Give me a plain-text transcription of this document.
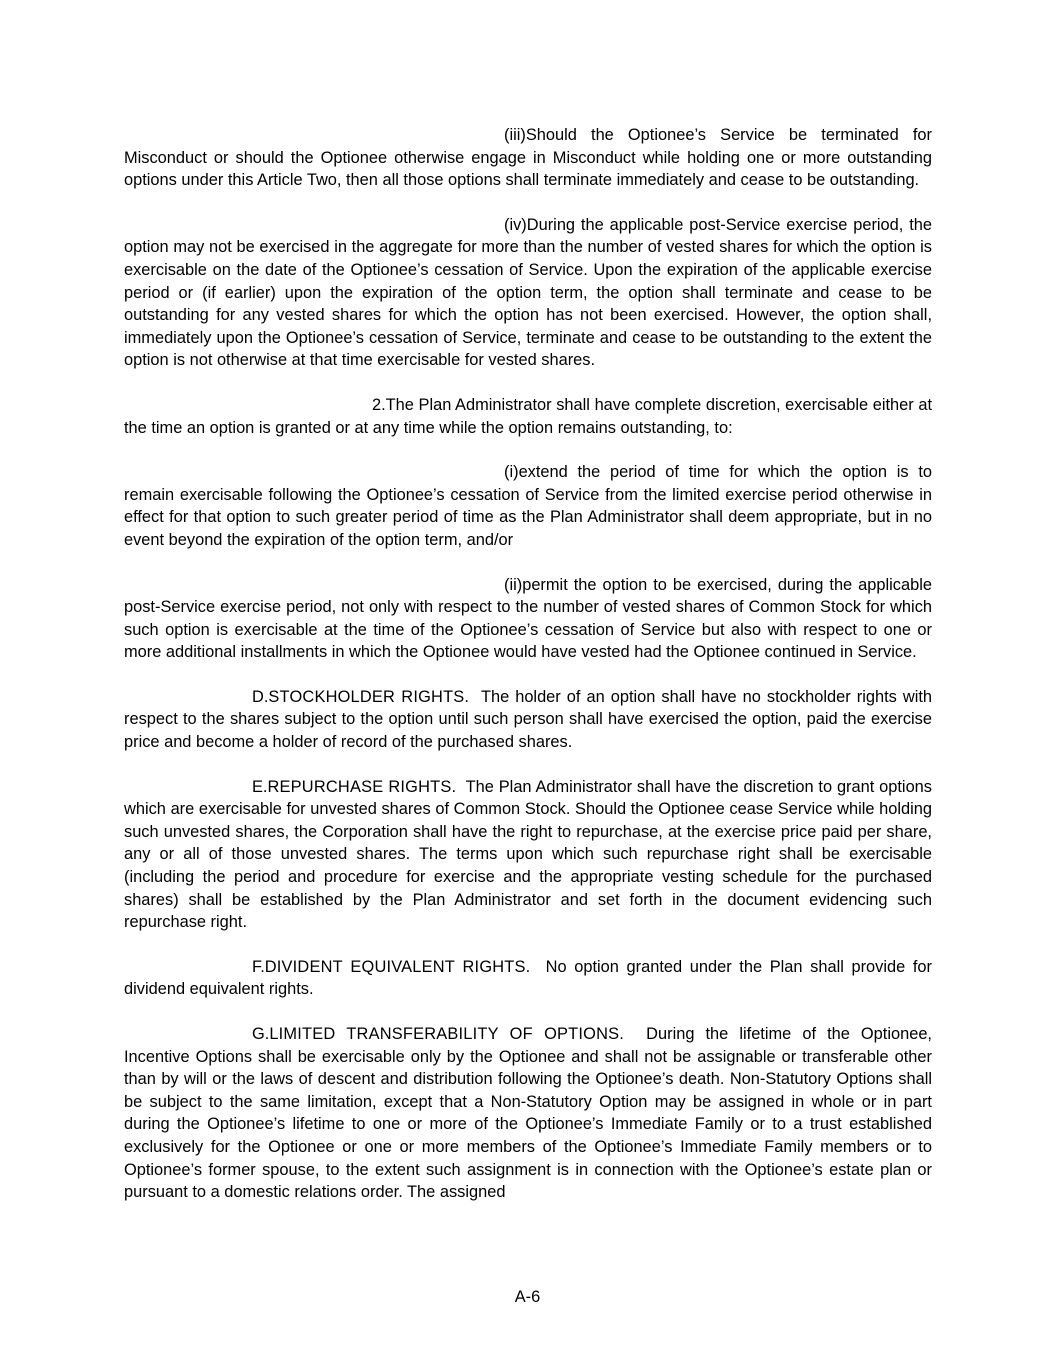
(iii)Should the Optionee’s Service be terminated for Misconduct or should the Optionee otherwise engage in Misconduct while holding one or more outstanding options under this Article Two, then all those options shall terminate immediately and cease to be outstanding.

(iv)During the applicable post-Service exercise period, the option may not be exercised in the aggregate for more than the number of vested shares for which the option is exercisable on the date of the Optionee’s cessation of Service. Upon the expiration of the applicable exercise period or (if earlier) upon the expiration of the option term, the option shall terminate and cease to be outstanding for any vested shares for which the option has not been exercised. However, the option shall, immediately upon the Optionee’s cessation of Service, terminate and cease to be outstanding to the extent the option is not otherwise at that time exercisable for vested shares.

2.The Plan Administrator shall have complete discretion, exercisable either at the time an option is granted or at any time while the option remains outstanding, to:

(i)extend the period of time for which the option is to remain exercisable following the Optionee’s cessation of Service from the limited exercise period otherwise in effect for that option to such greater period of time as the Plan Administrator shall deem appropriate, but in no event beyond the expiration of the option term, and/or

(ii)permit the option to be exercised, during the applicable post-Service exercise period, not only with respect to the number of vested shares of Common Stock for which such option is exercisable at the time of the Optionee’s cessation of Service but also with respect to one or more additional installments in which the Optionee would have vested had the Optionee continued in Service.

D.STOCKHOLDER RIGHTS. The holder of an option shall have no stockholder rights with respect to the shares subject to the option until such person shall have exercised the option, paid the exercise price and become a holder of record of the purchased shares.

E.REPURCHASE RIGHTS. The Plan Administrator shall have the discretion to grant options which are exercisable for unvested shares of Common Stock. Should the Optionee cease Service while holding such unvested shares, the Corporation shall have the right to repurchase, at the exercise price paid per share, any or all of those unvested shares. The terms upon which such repurchase right shall be exercisable (including the period and procedure for exercise and the appropriate vesting schedule for the purchased shares) shall be established by the Plan Administrator and set forth in the document evidencing such repurchase right.

F.DIVIDENT EQUIVALENT RIGHTS. No option granted under the Plan shall provide for dividend equivalent rights.

G.LIMITED TRANSFERABILITY OF OPTIONS. During the lifetime of the Optionee, Incentive Options shall be exercisable only by the Optionee and shall not be assignable or transferable other than by will or the laws of descent and distribution following the Optionee’s death. Non-Statutory Options shall be subject to the same limitation, except that a Non-Statutory Option may be assigned in whole or in part during the Optionee’s lifetime to one or more of the Optionee’s Immediate Family or to a trust established exclusively for the Optionee or one or more members of the Optionee’s Immediate Family members or to Optionee’s former spouse, to the extent such assignment is in connection with the Optionee’s estate plan or pursuant to a domestic relations order. The assigned

A-6
